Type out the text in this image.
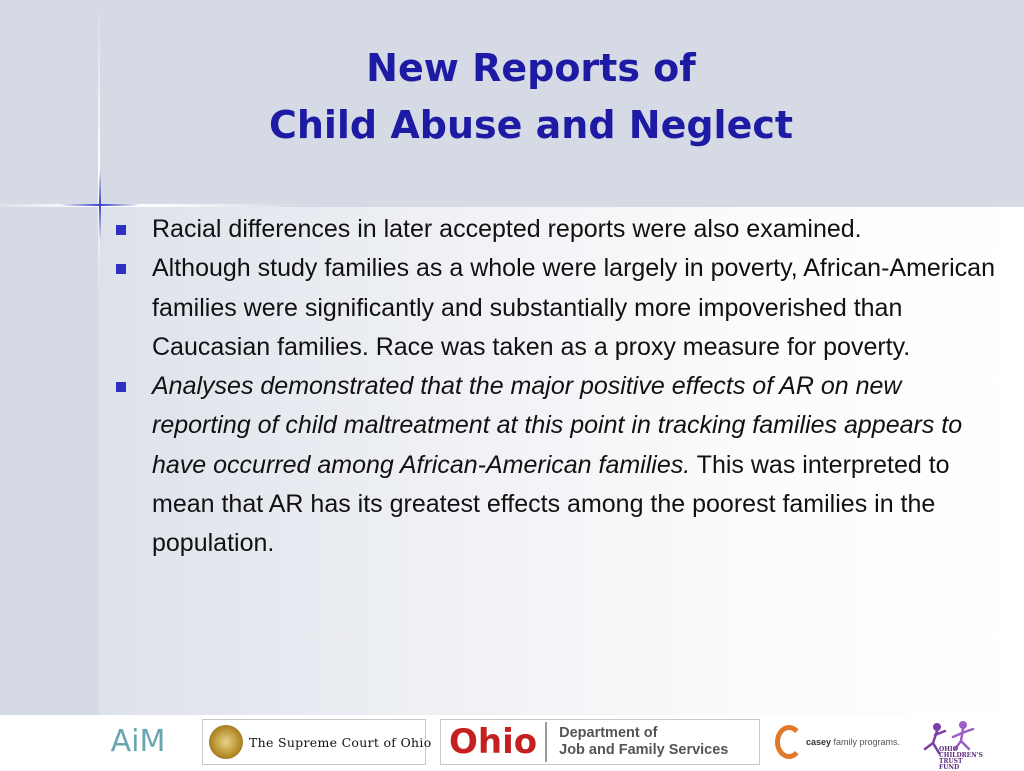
New Reports of
Child Abuse and Neglect
Racial differences in later accepted reports were also examined.
Although study families as a whole were largely in poverty, African-American families were significantly and substantially more impoverished than Caucasian families. Race was taken as a proxy measure for poverty.
Analyses demonstrated that the major positive effects of AR on new reporting of child maltreatment at this point in tracking families appears to have occurred among African-American families. This was interpreted to mean that AR has its greatest effects among the poorest families in the population.
AiM	The Supreme Court of Ohio Ohio	Department of
Job and Family Services	casey family programs.
OHIO
CHILDREN'S
TRUST
FUND
